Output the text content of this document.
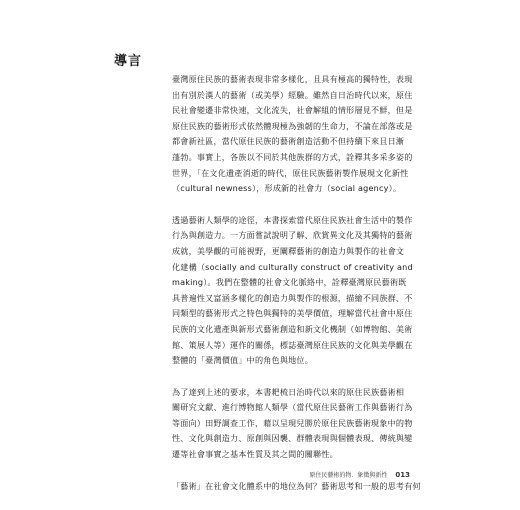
導言

臺灣原住民族的藝術表現非常多樣化，且具有極高的獨特性，表現

出有別於漢人的藝術（或美學）經驗。雖然自日治時代以來，原住

民社會變遷非常快速，文化流失，社會解組的情形層見不鮮，但是

原住民族的藝術形式依然體現極為強韌的生命力，不論在部落或是

都會新社區，當代原住民族的藝術創造活動不但持續下來且日漸

蓬勃。事實上，各族以不同於其他族群的方式，詮釋其多采多姿的

世界，「在文化遺產消逝的時代，原住民族藝術製作展現文化新性

（cultural newness），形成新的社會力（social agency）。

透過藝術人類學的途徑，本書探索當代原住民族社會生活中的製作

行為與創造力。一方面嘗試說明了解、欣賞異文化及其獨特的藝術

成就，美學觀的可能視野，更闡釋藝術的創造力與製作的社會文

化建構（socially and culturally construct of creativity and

making）。我們在整體的社會文化脈絡中，詮釋臺灣原民藝術既

具普遍性又富涵多樣化的創造力與製作的根源，描繪不同族群、不

同類型的藝術形式之特色與獨特的美學價值，理解當代社會中原住

民族的文化遺產與新形式藝術創造和新文化機制（如博物館、美術

館、策展人等）運作的關係，標誌臺灣原住民族的文化與美學觀在

整體的「臺灣價值」中的角色與地位。

為了達到上述的要求，本書耙梳日治時代以來的原住民族藝術相

關研究文獻、進行博物館人類學（當代原住民藝術工作與藝術行為

等面向）田野調查工作，藉以呈現兒勝於原住民族藝術現象中的物

性、文化與創造力、原創與因襲、群體表現與個體表現、傳統與變

遷等社會事實之基本性質及其之間的關聯性。

「藝術」在社會文化體系中的地位為何？藝術思考和一般的思考有何

原住民藝術的物．象徵與新性 013
